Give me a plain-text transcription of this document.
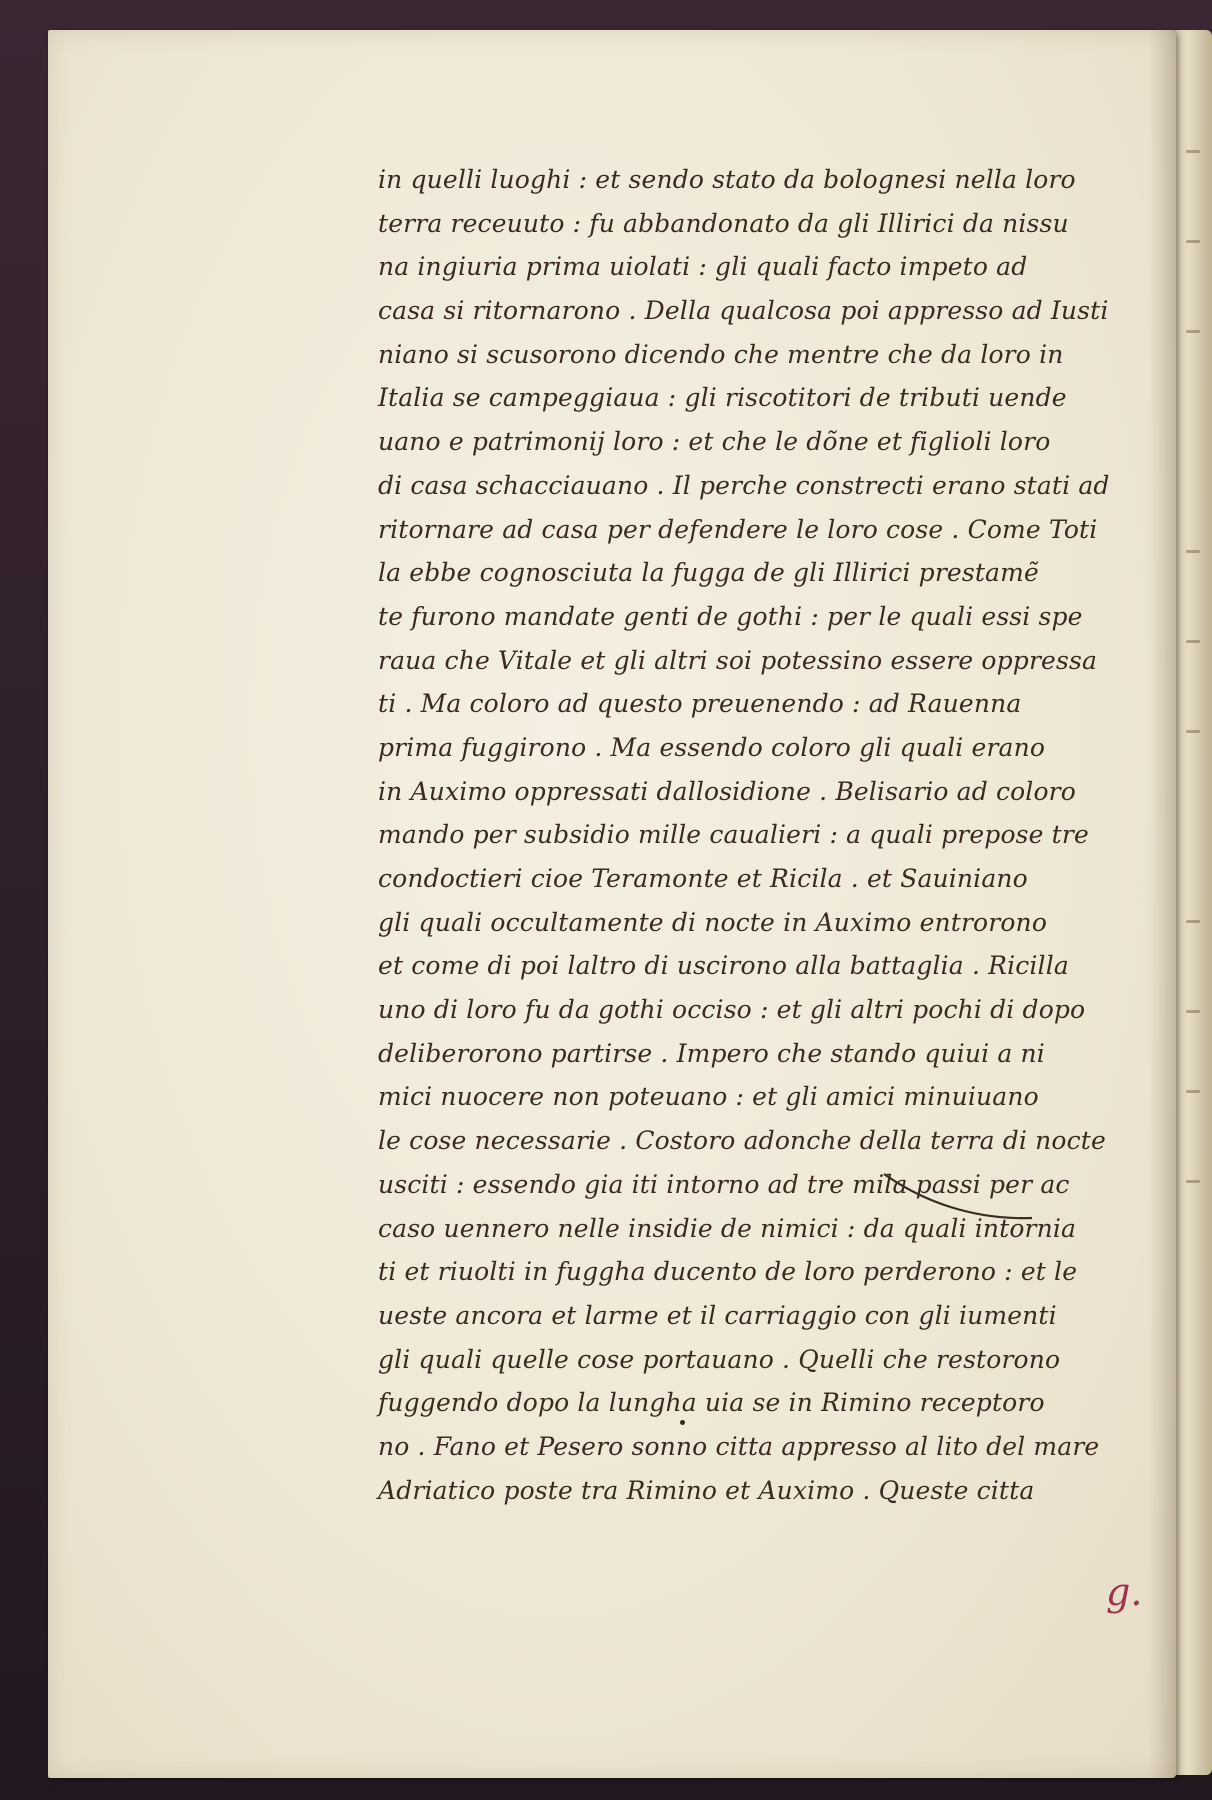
in quelli luoghi : et sendo stato da bolognesi nella loro
terra receuuto : fu abbandonato da gli Illirici da nissu
na ingiuria prima uiolati : gli quali facto impeto ad
casa si ritornarono . Della qualcosa poi appresso ad Iusti
niano si scusorono dicendo che mentre che da loro in
Italia se campeggiaua : gli riscotitori de tributi uende
uano e patrimonij loro : et che le dõne et figlioli loro
di casa schacciauano . Il perche constrecti erano stati ad
ritornare ad casa per defendere le loro cose . Come Toti
la ebbe cognosciuta la fugga de gli Illirici prestamẽ
te furono mandate genti de gothi : per le quali essi spe
raua che Vitale et gli altri soi potessino essere oppressa
ti . Ma coloro ad questo preuenendo : ad Rauenna
prima fuggirono . Ma essendo coloro gli quali erano
in Auximo oppressati dallosidione . Belisario ad coloro
mando per subsidio mille caualieri : a quali prepose tre
condoctieri cioe Teramonte et Ricila . et Sauiniano
gli quali occultamente di nocte in Auximo entrorono
et come di poi laltro di uscirono alla battaglia . Ricilla
uno di loro fu da gothi occiso : et gli altri pochi di dopo
deliberorono partirse . Impero che stando quiui a ni
mici nuocere non poteuano : et gli amici minuiuano
le cose necessarie . Costoro adonche della terra di nocte
usciti : essendo gia iti intorno ad tre mila passi per ac
caso uennero nelle insidie de nimici : da quali intornia
ti et riuolti in fuggha ducento de loro perderono : et le
ueste ancora et larme et il carriaggio con gli iumenti
gli quali quelle cose portauano . Quelli che restorono
fuggendo dopo la lungha uia se in Rimino receptoro
no . Fano et Pesero sonno citta appresso al lito del mare
Adriatico poste tra Rimino et Auximo . Queste citta
g.
